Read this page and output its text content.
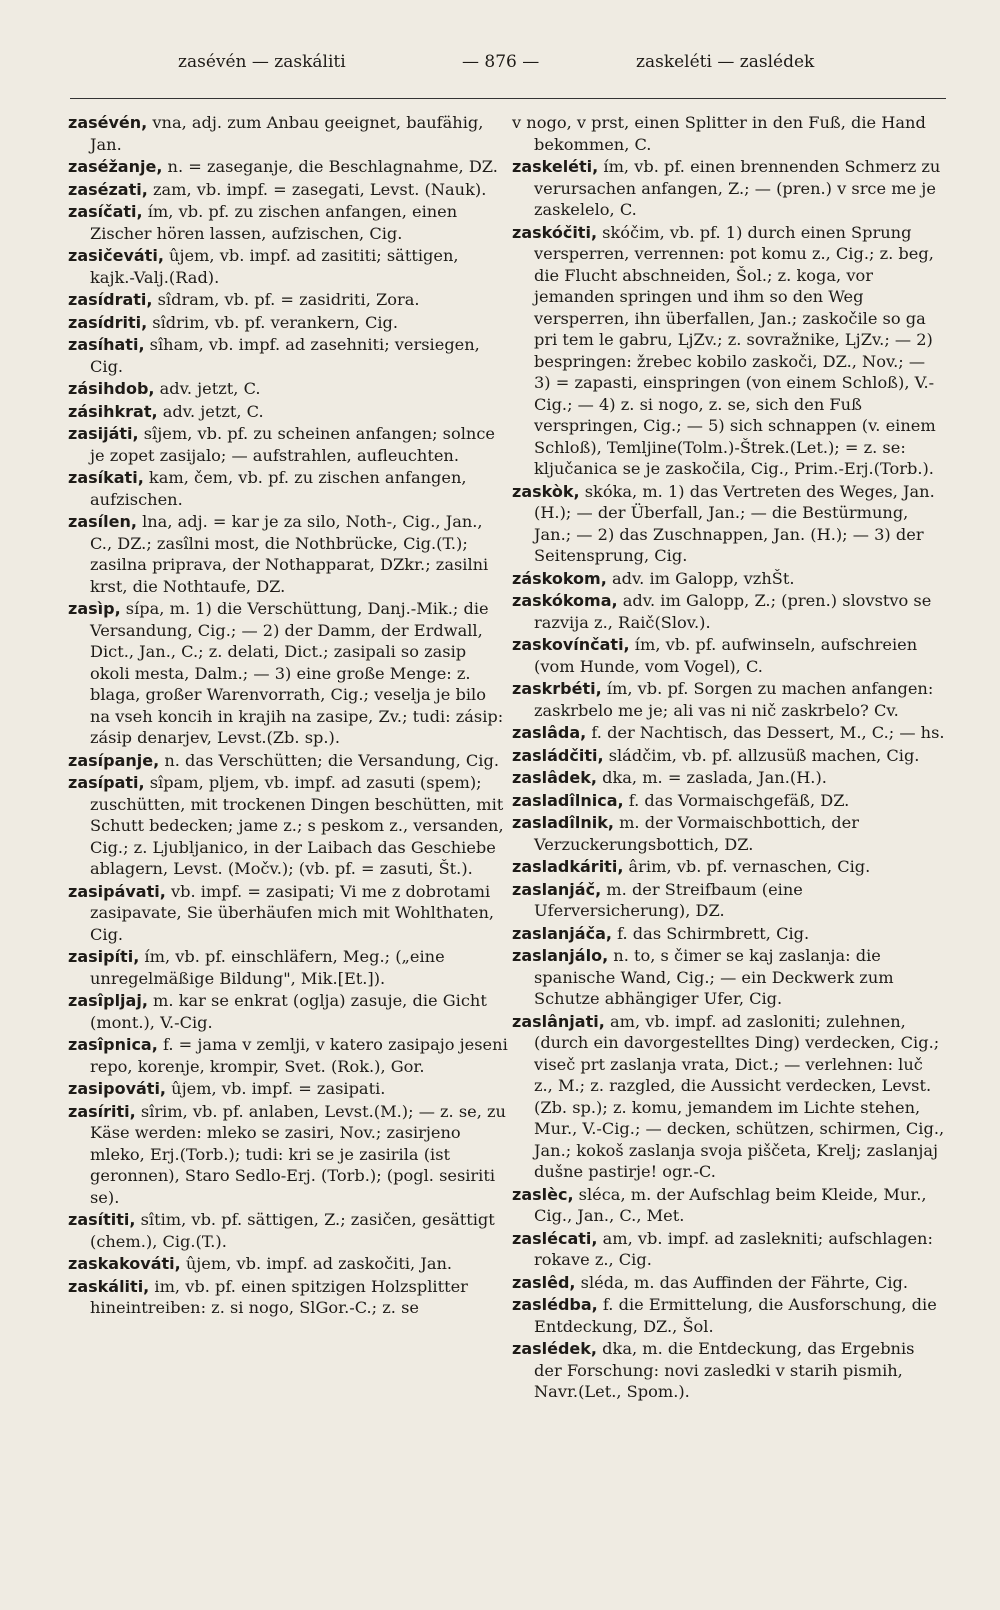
zasévén — zaskáliti	— 876 —	zaskeléti — zaslédek

zasévén, vna, adj. zum Anbau geeignet, baufähig, Jan.

zaséžanje, n. = zaseganje, die Beschlagnahme, DZ.

zasézati, zam, vb. impf. = zasegati, Levst. (Nauk).

zasíčati, ím, vb. pf. zu zischen anfangen, einen Zischer hören lassen, aufzischen, Cig.

zasičeváti, ûjem, vb. impf. ad zasititi; sättigen, kajk.-Valj.(Rad).

zasídrati, sîdram, vb. pf. = zasidriti, Zora.

zasídriti, sîdrim, vb. pf. verankern, Cig.

zasíhati, sîham, vb. impf. ad zasehniti; versiegen, Cig.

zásihdob, adv. jetzt, C.

zásihkrat, adv. jetzt, C.

zasijáti, sîjem, vb. pf. zu scheinen anfangen; solnce je zopet zasijalo; — aufstrahlen, aufleuchten.

zasíkati, kam, čem, vb. pf. zu zischen anfangen, aufzischen.

zasílen, lna, adj. = kar je za silo, Noth-, Cig., Jan., C., DZ.; zasîlni most, die Nothbrücke, Cig.(T.); zasilna pripravа, der Nothapparat, DZkr.; zasilni krst, die Nothtaufe, DZ.

zasìp, sípa, m. 1) die Verschüttung, Danj.-Mik.; die Versandung, Cig.; — 2) der Damm, der Erdwall, Dict., Jan., C.; z. delati, Dict.; zasipali so zasip okoli mesta, Dalm.; — 3) eine große Menge: z. blaga, großer Warenvorrath, Cig.; veselja je bilo na vseh koncih in krajih na zasipe, Zv.; tudi: zásip: zásip denarjev, Levst.(Zb. sp.).

zasípanje, n. das Verschütten; die Versandung, Cig.

zasípati, sîpam, pljem, vb. impf. ad zasuti (spem); zuschütten, mit trockenen Dingen beschütten, mit Schutt bedecken; jame z.; s peskom z., versanden, Cig.; z. Ljubljanico, in der Laibach das Geschiebe ablagern, Levst. (Močv.); (vb. pf. = zasuti, Št.).

zasipávati, vb. impf. = zasipati; Vi me z dobrotami zasipavate, Sie überhäufen mich mit Wohlthaten, Cig.

zasipíti, ím, vb. pf. einschläfern, Meg.; („eine unregelmäßige Bildung", Mik.[Et.]).

zasîpljaj, m. kar se enkrat (oglja) zasuje, die Gicht (mont.), V.-Cig.

zasîpnica, f. = jama v zemlji, v katero zasipajo jeseni repo, korenje, krompir, Svet. (Rok.), Gor.

zasipováti, ûjem, vb. impf. = zasipati.

zasíriti, sîrim, vb. pf. anlaben, Levst.(M.); — z. se, zu Käse werden: mleko se zasiri, Nov.; zasirjeno mleko, Erj.(Torb.); tudi: kri se je zasirila (ist geronnen), Staro Sedlo-Erj. (Torb.); (pogl. sesiriti se).

zasítiti, sîtim, vb. pf. sättigen, Z.; zasičen, gesättigt (chem.), Cig.(T.).

zaskakováti, ûjem, vb. impf. ad zaskočiti, Jan.

zaskáliti, im, vb. pf. einen spitzigen Holzsplitter hineintreiben: z. si nogo, SlGor.-C.; z. se

v nogo, v prst, einen Splitter in den Fuß, die Hand bekommen, C.

zaskeléti, ím, vb. pf. einen brennenden Schmerz zu verursachen anfangen, Z.; — (pren.) v srce me je zaskelelo, C.

zaskóčiti, skóčim, vb. pf. 1) durch einen Sprung versperren, verrennen: pot komu z., Cig.; z. beg, die Flucht abschneiden, Šol.; z. koga, vor jemanden springen und ihm so den Weg versperren, ihn überfallen, Jan.; zaskočile so ga pri tem le gabru, LjZv.; z. sovražnike, LjZv.; — 2) bespringen: žrebec kobilo zaskoči, DZ., Nov.; — 3) = zapasti, einspringen (von einem Schloß), V.-Cig.; — 4) z. si nogo, z. se, sich den Fuß verspringen, Cig.; — 5) sich schnappen (v. einem Schloß), Temljine(Tolm.)-Štrek.(Let.); = z. se: ključanica se je zaskočila, Cig., Prim.-Erj.(Torb.).

zaskòk, skóka, m. 1) das Vertreten des Weges, Jan.(H.); — der Überfall, Jan.; — die Bestürmung, Jan.; — 2) das Zuschnappen, Jan. (H.); — 3) der Seitensprung, Cig.

záskokom, adv. im Galopp, vzhŠt.

zaskókoma, adv. im Galopp, Z.; (pren.) slovstvo se razvija z., Raič(Slov.).

zaskovínčati, ím, vb. pf. aufwinseln, aufschreien (vom Hunde, vom Vogel), C.

zaskrbéti, ím, vb. pf. Sorgen zu machen anfangen: zaskrbelo me je; ali vas ni nič zaskrbelo? Cv.

zaslâda, f. der Nachtisch, das Dessert, M., C.; — hs.

zasládčiti, sládčim, vb. pf. allzusüß machen, Cig.

zaslâdek, dka, m. = zaslada, Jan.(H.).

zasladîlnica, f. das Vormaischgefäß, DZ.

zasladîlnik, m. der Vormaischbottich, der Verzuckerungsbottich, DZ.

zasladkáriti, ârim, vb. pf. vernaschen, Cig.

zaslanjáč, m. der Streifbaum (eine Uferversicherung), DZ.

zaslanjáča, f. das Schirmbrett, Cig.

zaslanjálo, n. to, s čimer se kaj zaslanja: die spanische Wand, Cig.; — ein Deckwerk zum Schutze abhängiger Ufer, Cig.

zaslânjati, am, vb. impf. ad zasloniti; zulehnen, (durch ein davorgestelltes Ding) verdecken, Cig.; viseč prt zaslanja vrata, Dict.; — verlehnen: luč z., M.; z. razgled, die Aussicht verdecken, Levst.(Zb. sp.); z. komu, jemandem im Lichte stehen, Mur., V.-Cig.; — decken, schützen, schirmen, Cig., Jan.; kokoš zaslanja svoja piščeta, Krelj; zaslanjaj dušne pastirje! ogr.-C.

zaslèc, sléca, m. der Aufschlag beim Kleide, Mur., Cig., Jan., C., Met.

zaslécati, am, vb. impf. ad zaslekniti; aufschlagen: rokave z., Cig.

zaslêd, sléda, m. das Auffinden der Fährte, Cig.

zaslédba, f. die Ermittelung, die Ausforschung, die Entdeckung, DZ., Šol.

zaslédek, dka, m. die Entdeckung, das Ergebnis der Forschung: novi zasledki v starih pismih, Navr.(Let., Spom.).
